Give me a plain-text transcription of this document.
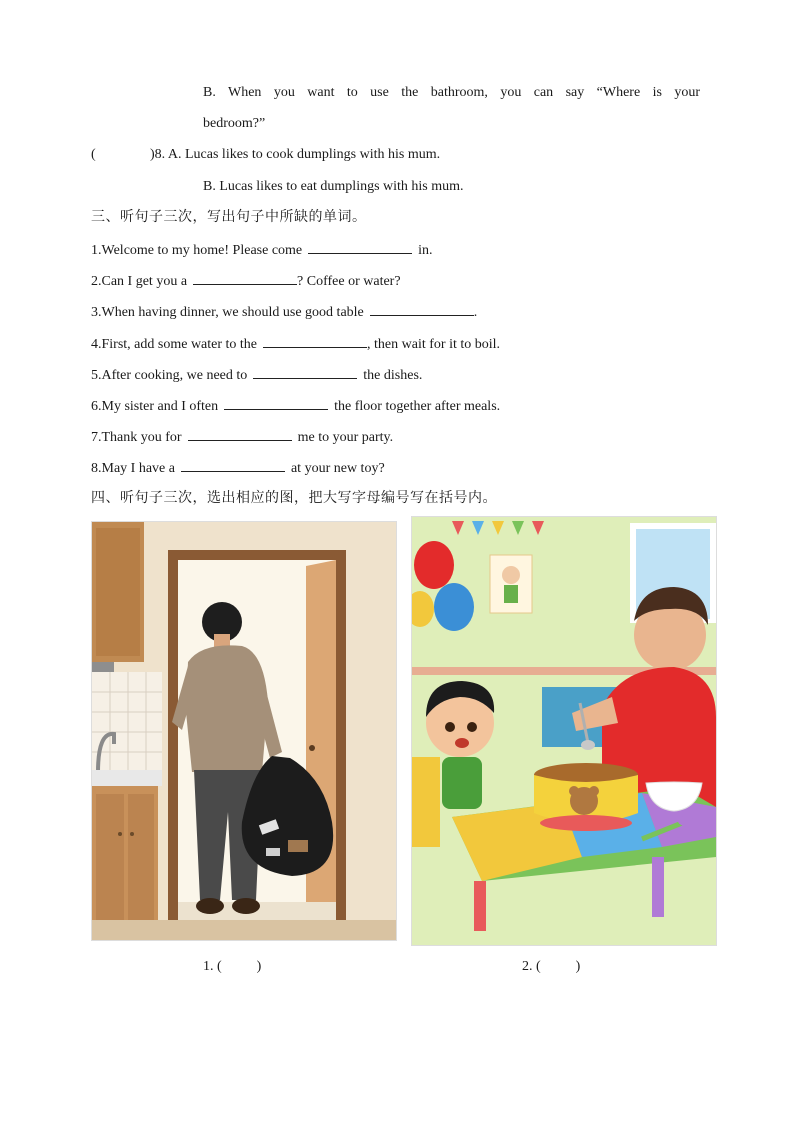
B. When you want to use the bathroom, you can say “Where is your
bedroom?”
(	)8. A. Lucas likes to cook dumplings with his mum.
B. Lucas likes to eat dumplings with his mum.
三、听句子三次，写出句子中所缺的单词。
1.Welcome to my home! Please come	in.
2.Can I get you a	? Coffee or water?
3.When having dinner, we should use good table	.
4.First, add some water to the	, then wait for it to boil.
5.After cooking, we need to	the dishes.
6.My sister and I often	the floor together after meals.
7.Thank you for	me to your party.
8.May I have a	at your new toy?
四、听句子三次，选出相应的图，把大写字母编号写在括号内。
1. (          )	2. (          )
